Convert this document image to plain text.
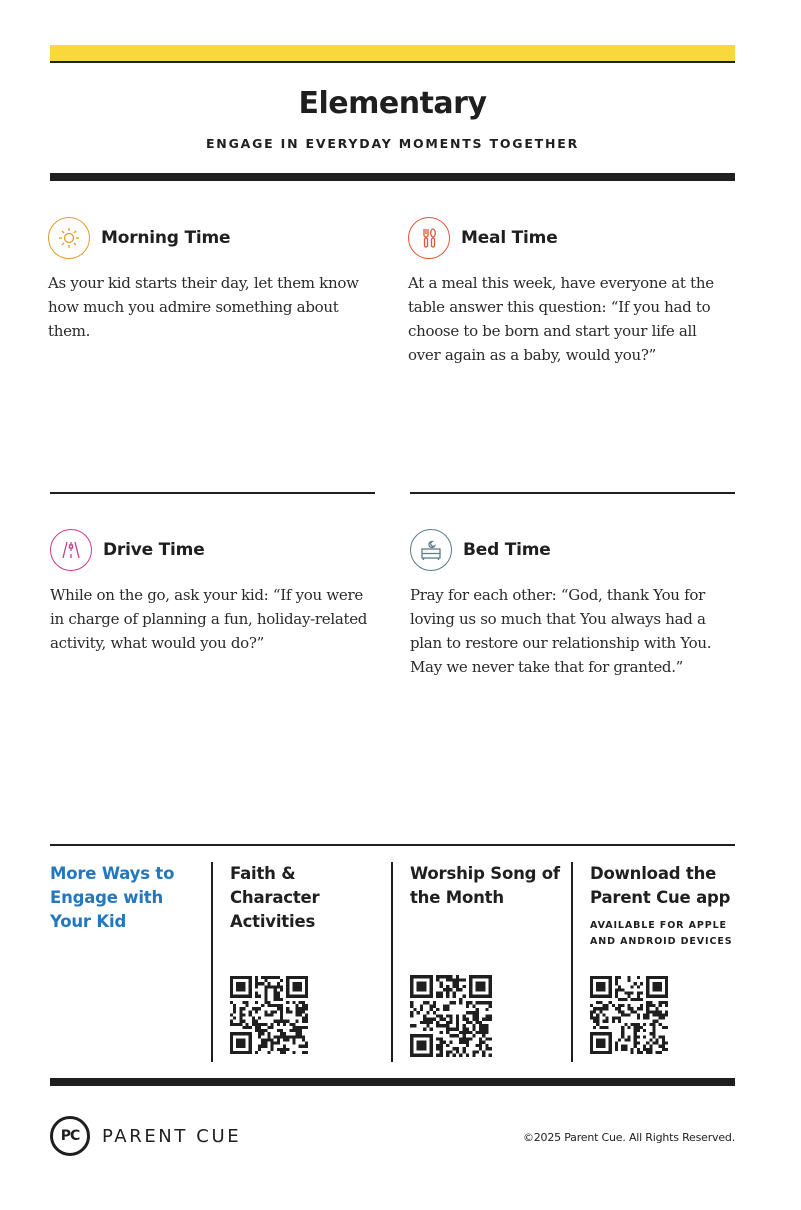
Elementary
ENGAGE IN EVERYDAY MOMENTS TOGETHER
Morning Time
As your kid starts their day, let them know how much you admire something about them.
Meal Time
At a meal this week, have everyone at the table answer this question: “If you had to choose to be born and start your life all over again as a baby, would you?”
Drive Time
While on the go, ask your kid: “If you were in charge of planning a fun, holiday-related activity, what would you do?”
Bed Time
Pray for each other: “God, thank You for loving us so much that You always had a plan to restore our relationship with You. May we never take that for granted.”
More Ways to Engage with Your Kid
Faith & Character Activities
Worship Song of the Month
Download the Parent Cue app
AVAILABLE FOR APPLE AND ANDROID DEVICES
PC	PARENT CUE	©2025 Parent Cue. All Rights Reserved.
